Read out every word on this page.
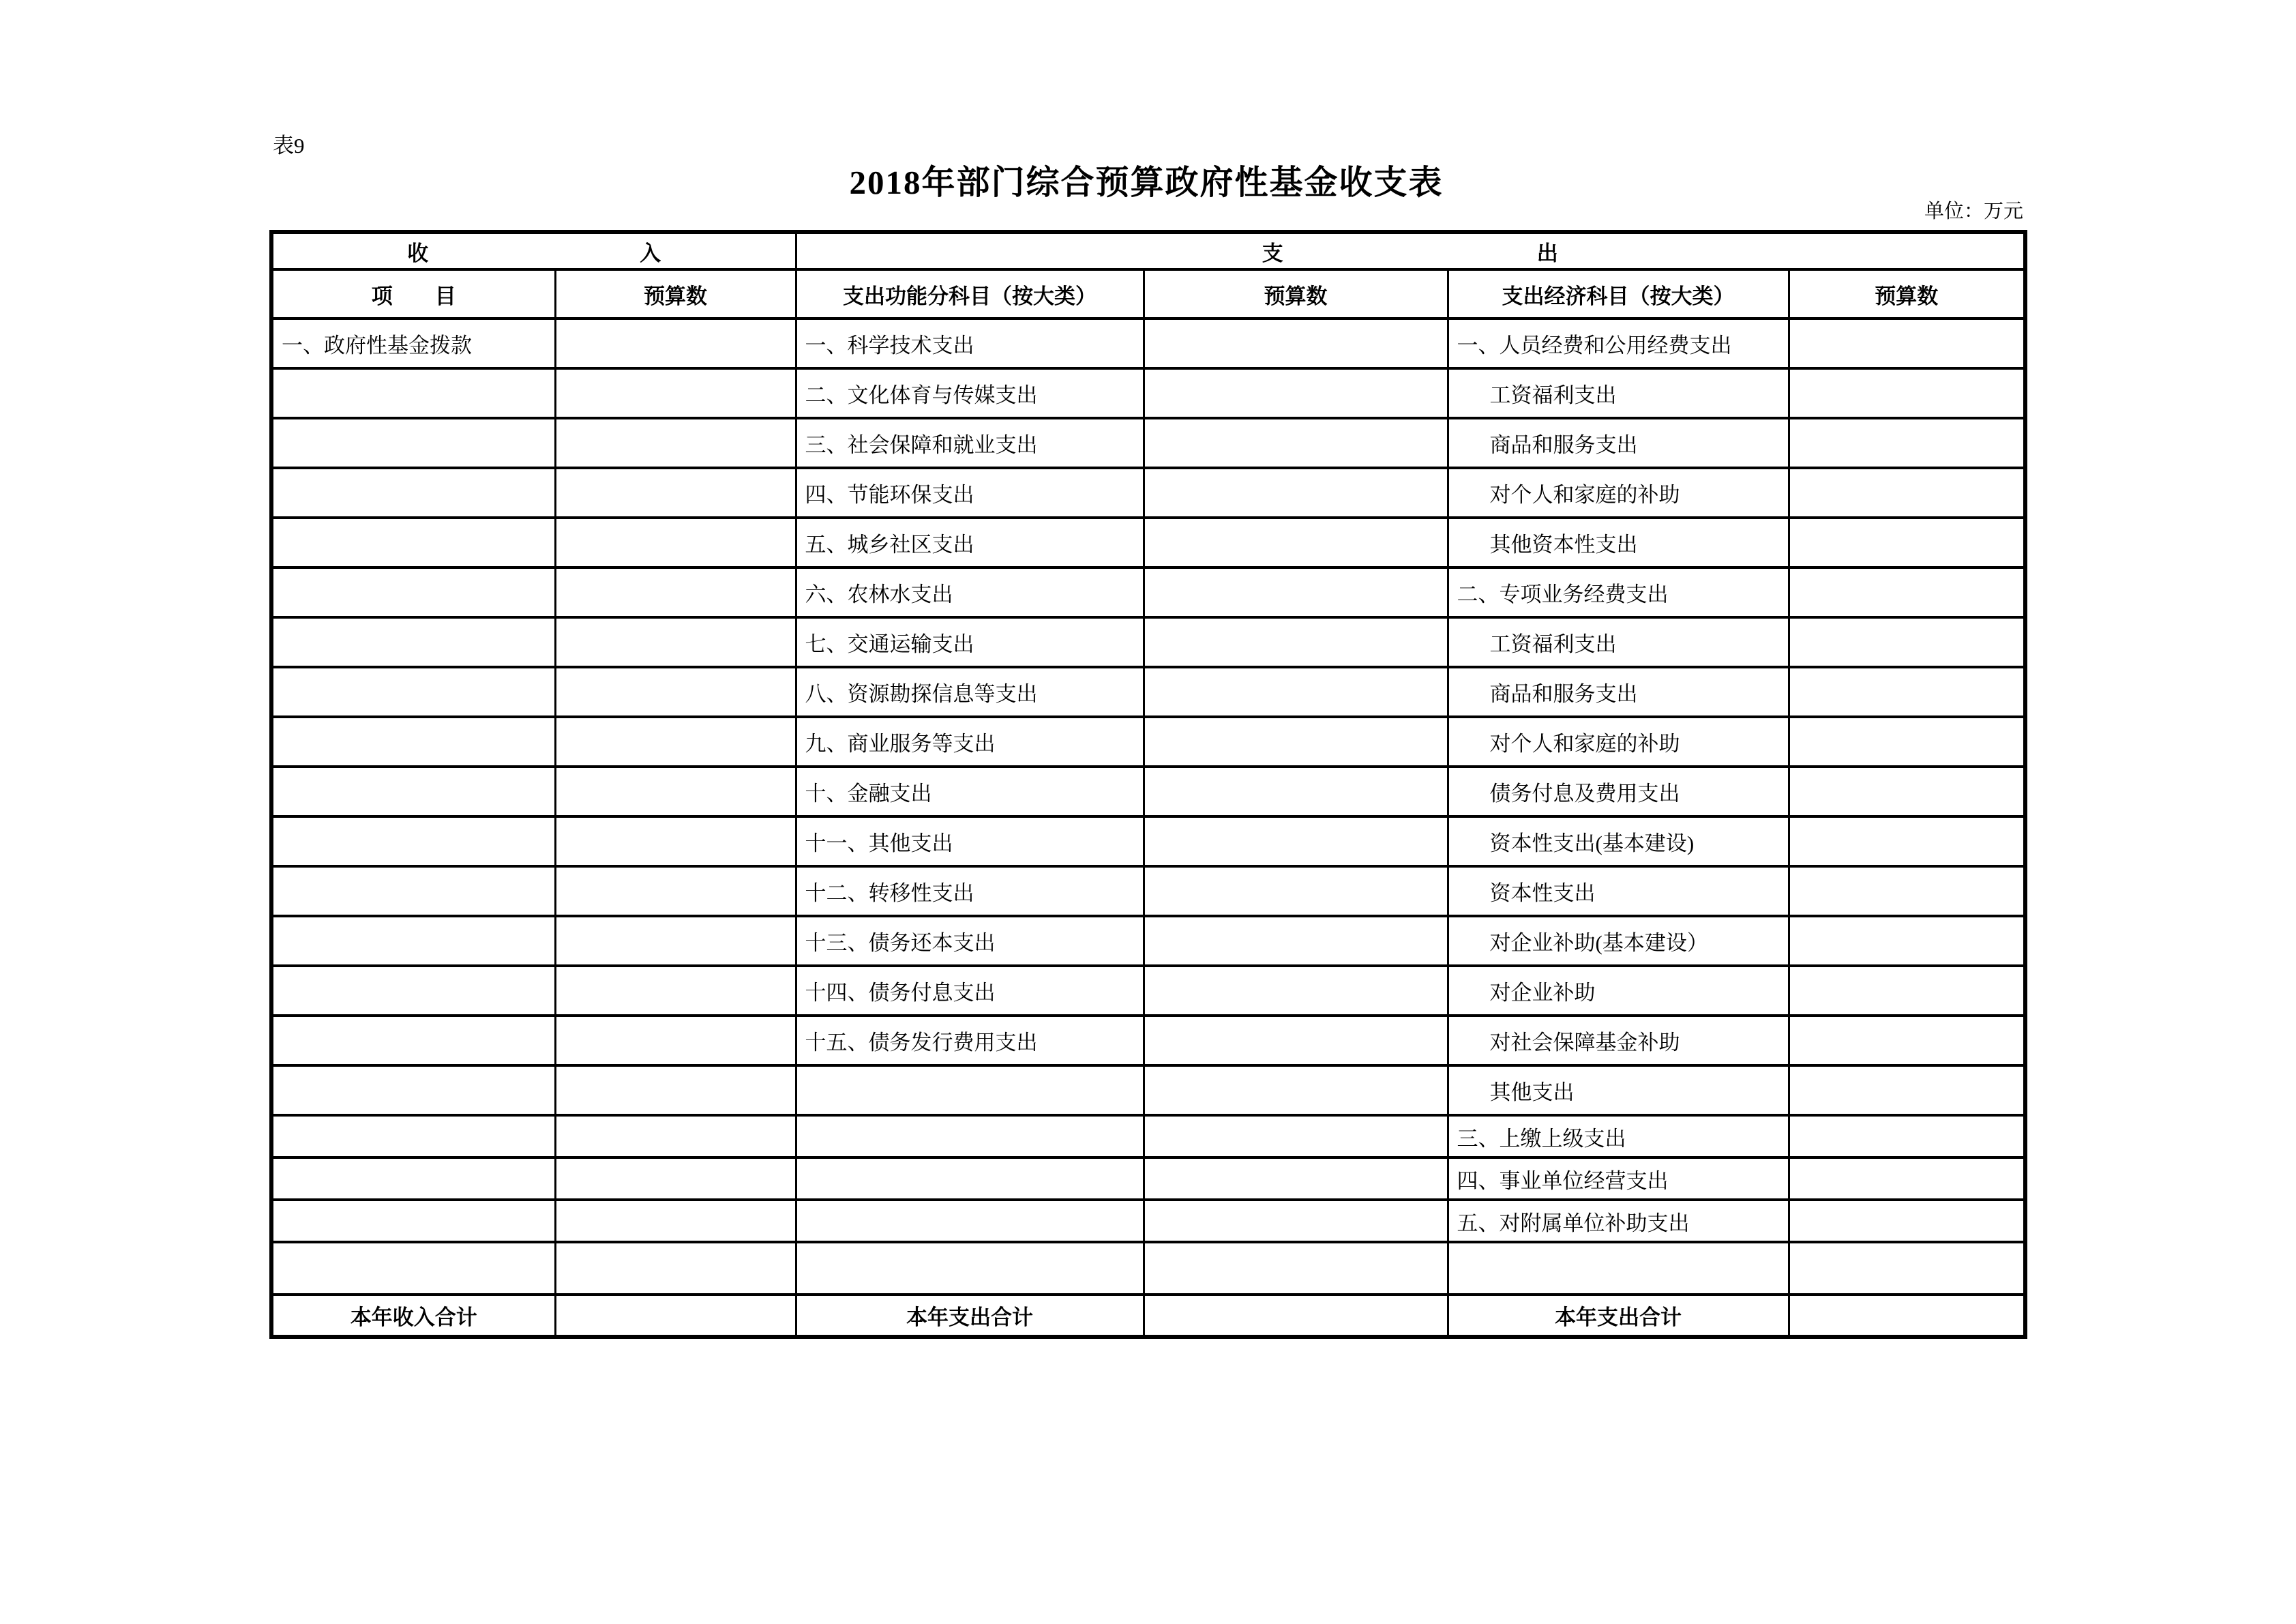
表9
2018年部门综合预算政府性基金收支表
单位：万元
收　　　　　　　　　　入		支　　　　　　　　　　　　出			
项　　目	预算数	支出功能分科目（按大类）	预算数	支出经济科目（按大类）	预算数
一、政府性基金拨款		一、科学技术支出		一、人员经费和公用经费支出	
		二、文化体育与传媒支出		工资福利支出	
		三、社会保障和就业支出		商品和服务支出	
		四、节能环保支出		对个人和家庭的补助	
		五、城乡社区支出		其他资本性支出	
		六、农林水支出		二、专项业务经费支出	
		七、交通运输支出		工资福利支出	
		八、资源勘探信息等支出		商品和服务支出	
		九、商业服务等支出		对个人和家庭的补助	
		十、金融支出		债务付息及费用支出	
		十一、其他支出		资本性支出(基本建设)	
		十二、转移性支出		资本性支出	
		十三、债务还本支出		对企业补助(基本建设）	
		十四、债务付息支出		对企业补助	
		十五、债务发行费用支出		对社会保障基金补助	
				其他支出	
				三、上缴上级支出	
				四、事业单位经营支出	
				五、对附属单位补助支出	

本年收入合计		本年支出合计		本年支出合计	
